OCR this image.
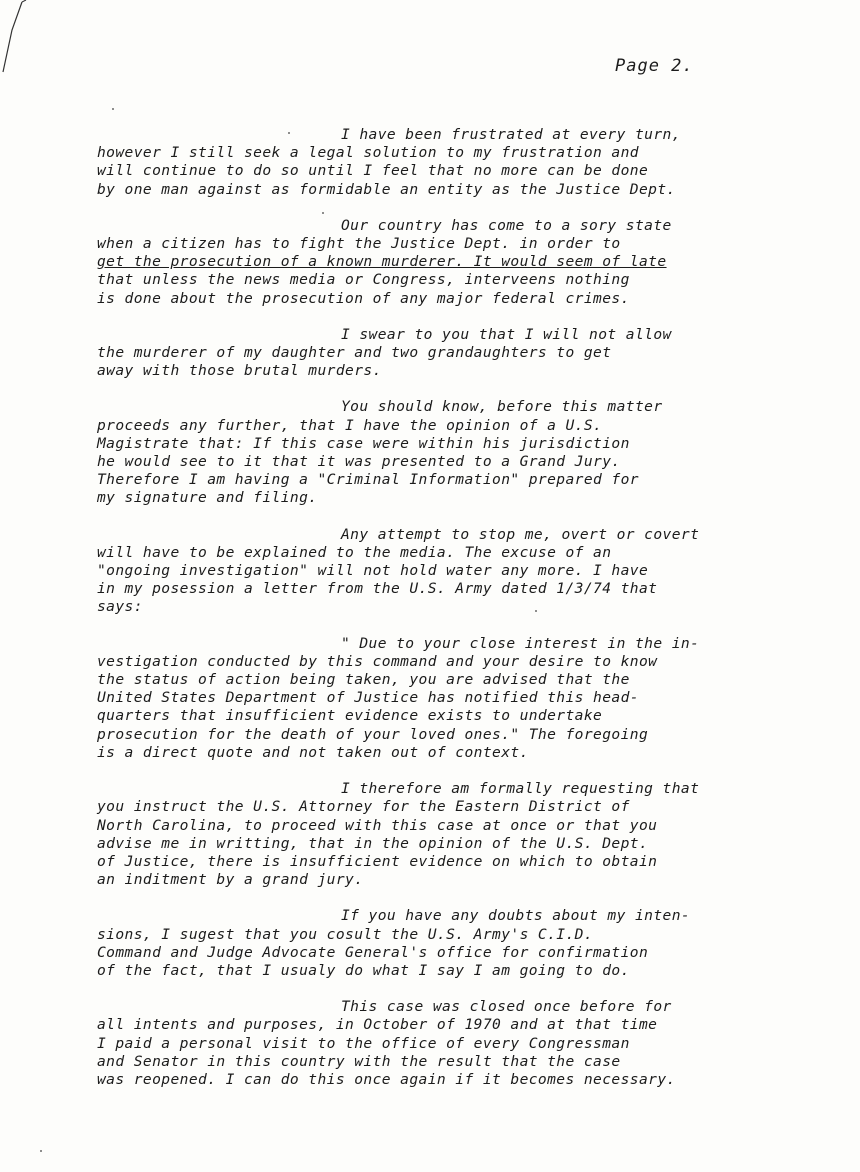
Page 2.
I have been frustrated at every turn,
however I still seek a legal solution to my frustration and
will continue to do so until I feel that no more can be done
by one man against as formidable an entity as the Justice Dept.
Our country has come to a sory state
when a citizen has to fight the Justice Dept. in order to
get the prosecution of a known murderer. It would seem of late
that unless the news media or Congress, interveens nothing
is done about the prosecution of any major federal crimes.
I swear to you that I will not allow
the murderer of my daughter and two grandaughters to get
away with those brutal murders.
You should know, before this matter
proceeds any further, that I have the opinion of a U.S.
Magistrate that: If this case were within his jurisdiction
he would see to it that it was presented to a Grand Jury.
Therefore I am having a "Criminal Information" prepared for
my signature and filing.
Any attempt to stop me, overt or covert
will have to be explained to the media. The excuse of an
"ongoing investigation" will not hold water any more. I have
in my posession a letter from the U.S. Army dated 1/3/74 that
says:
" Due to your close interest in the in-
vestigation conducted by this command and your desire to know
the status of action being taken, you are advised that the
United States Department of Justice has notified this head-
quarters that insufficient evidence exists to undertake
prosecution for the death of your loved ones." The foregoing
is a direct quote and not taken out of context.
I therefore am formally requesting that
you instruct the U.S. Attorney for the Eastern District of
North Carolina, to proceed with this case at once or that you
advise me in writting, that in the opinion of the U.S. Dept.
of Justice, there is insufficient evidence on which to obtain
an inditment by a grand jury.
If you have any doubts about my inten-
sions, I sugest that you cosult the U.S. Army's C.I.D.
Command and Judge Advocate General's office for confirmation
of the fact, that I usualy do what I say I am going to do.
This case was closed once before for
all intents and purposes, in October of 1970 and at that time
I paid a personal visit to the office of every Congressman
and Senator in this country with the result that the case
was reopened. I can do this once again if it becomes necessary.
